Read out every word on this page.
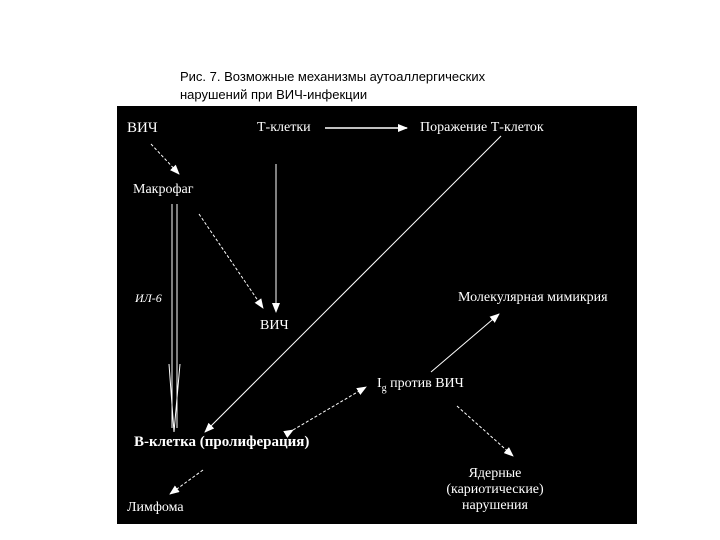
Рис. 7. Возможные механизмы аутоаллергических
нарушений при ВИЧ-инфекции
ВИЧ	Т-клетки	Поражение Т-клеток
Макрофаг
ИЛ-6
ВИЧ
Молекулярная мимикрия
$I_g$ против ВИЧ
В-клетка (пролиферация)
Лимфома
Ядерные
(кариотические)
нарушения
